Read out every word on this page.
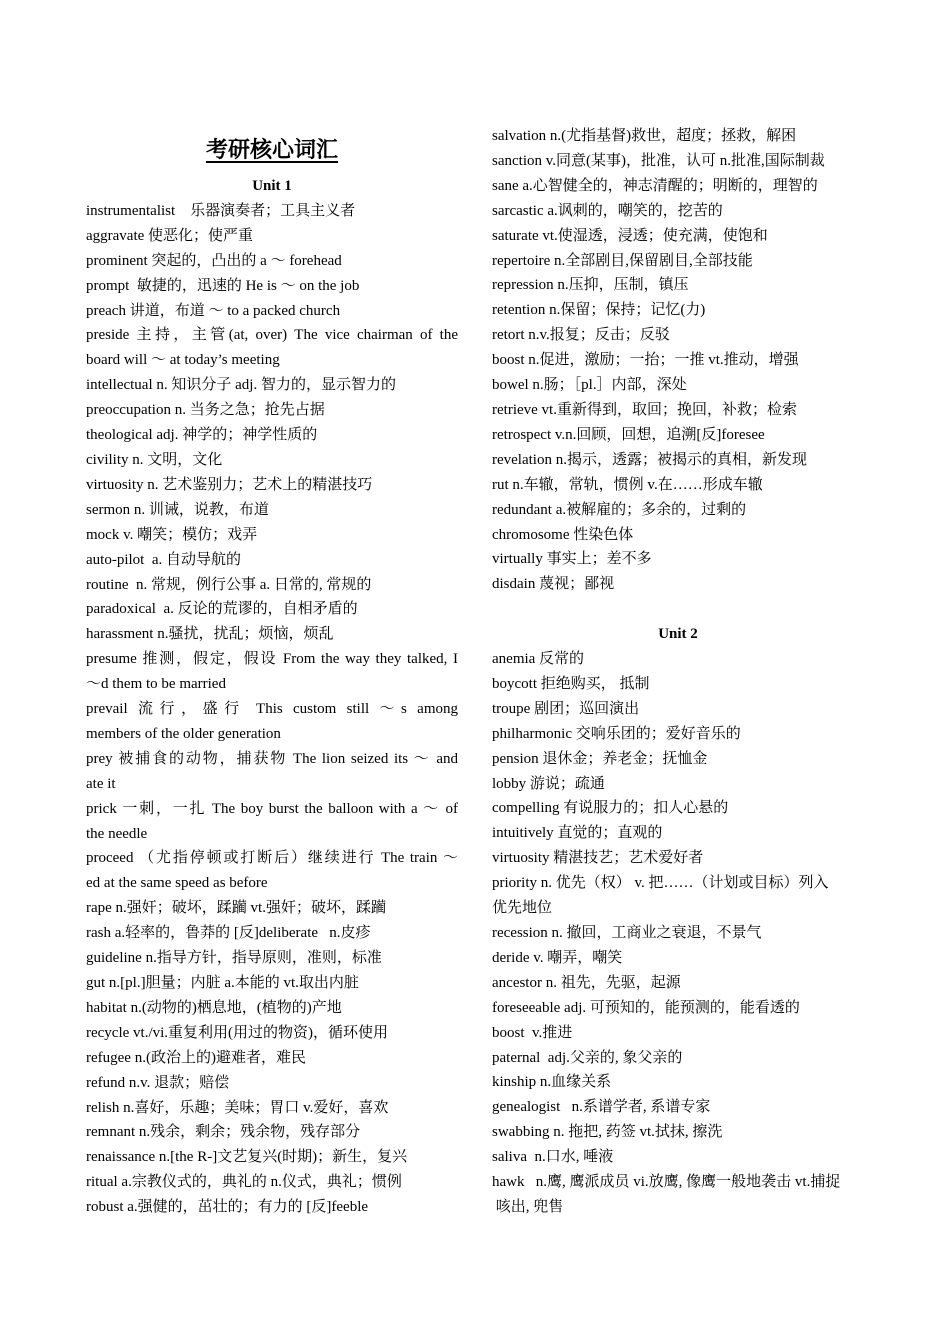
考研核心词汇
Unit 1
instrumentalist    乐器演奏者；工具主义者
aggravate 使恶化；使严重
prominent 突起的，凸出的 a ～ forehead
prompt  敏捷的，迅速的 He is ～ on the job
preach 讲道，布道 ～ to a packed church
preside 主持，主管(at, over) The vice chairman of the
board will ～ at today’s meeting
intellectual n. 知识分子 adj. 智力的，显示智力的
preoccupation n. 当务之急；抢先占据
theological adj. 神学的；神学性质的
civility n. 文明，文化
virtuosity n. 艺术鉴别力；艺术上的精湛技巧
sermon n. 训诫，说教，布道
mock v. 嘲笑；模仿；戏弄
auto-pilot  a. 自动导航的
routine  n. 常规，例行公事 a. 日常的, 常规的
paradoxical  a. 反论的荒谬的，自相矛盾的
harassment n.骚扰，扰乱；烦恼，烦乱
presume 推测，假定，假设 From the way they talked, I
～d them to be married
prevail 流行，盛行 This custom still ～s among
members of the older generation
prey 被捕食的动物，捕获物 The lion seized its ～ and
ate it
prick 一刺，一扎 The boy burst the balloon with a ～ of
the needle
proceed （尤指停顿或打断后）继续进行 The train ～
ed at the same speed as before
rape n.强奸；破坏，蹂躏 vt.强奸；破坏，蹂躏
rash a.轻率的，鲁莽的 [反]deliberate   n.皮疹
guideline n.指导方针，指导原则，准则，标准
gut n.[pl.]胆量；内脏 a.本能的 vt.取出内脏
habitat n.(动物的)栖息地，(植物的)产地
recycle vt./vi.重复利用(用过的物资)，循环使用
refugee n.(政治上的)避难者，难民
refund n.v. 退款；赔偿
relish n.喜好，乐趣；美味；胃口 v.爱好，喜欢
remnant n.残余，剩余；残余物，残存部分
renaissance n.[the R-]文艺复兴(时期)；新生，复兴
ritual a.宗教仪式的，典礼的 n.仪式，典礼；惯例
robust a.强健的，茁壮的；有力的 [反]feeble
salvation n.(尤指基督)救世，超度；拯救，解困
sanction v.同意(某事)，批准，认可 n.批准,国际制裁
sane a.心智健全的，神志清醒的；明断的，理智的
sarcastic a.讽刺的，嘲笑的，挖苦的
saturate vt.使湿透，浸透；使充满，使饱和
repertoire n.全部剧目,保留剧目,全部技能
repression n.压抑，压制，镇压
retention n.保留；保持；记忆(力)
retort n.v.报复；反击；反驳
boost n.促进，激励；一抬；一推 vt.推动，增强
bowel n.肠；［pl.］内部，深处
retrieve vt.重新得到，取回；挽回，补救；检索
retrospect v.n.回顾，回想，追溯[反]foresee
revelation n.揭示，透露；被揭示的真相，新发现
rut n.车辙，常轨，惯例 v.在……形成车辙
redundant a.被解雇的；多余的，过剩的
chromosome 性染色体
virtually 事实上；差不多
disdain 蔑视；鄙视
Unit 2
anemia 反常的
boycott 拒绝购买， 抵制
troupe 剧团；巡回演出
philharmonic 交响乐团的；爱好音乐的
pension 退休金；养老金；抚恤金
lobby 游说；疏通
compelling 有说服力的；扣人心悬的
intuitively 直觉的；直观的
virtuosity 精湛技艺；艺术爱好者
priority n. 优先（权） v. 把……（计划或目标）列入
优先地位
recession n. 撤回，工商业之衰退，不景气
deride v. 嘲弄，嘲笑
ancestor n. 祖先，先驱，起源
foreseeable adj. 可预知的，能预测的，能看透的
boost  v.推进
paternal  adj.父亲的, 象父亲的
kinship n.血缘关系
genealogist   n.系谱学者, 系谱专家
swabbing n. 拖把, 药签 vt.拭抹, 擦洗
saliva  n.口水, 唾液
hawk   n.鹰, 鹰派成员 vi.放鹰, 像鹰一般地袭击 vt.捕捉
咳出, 兜售
